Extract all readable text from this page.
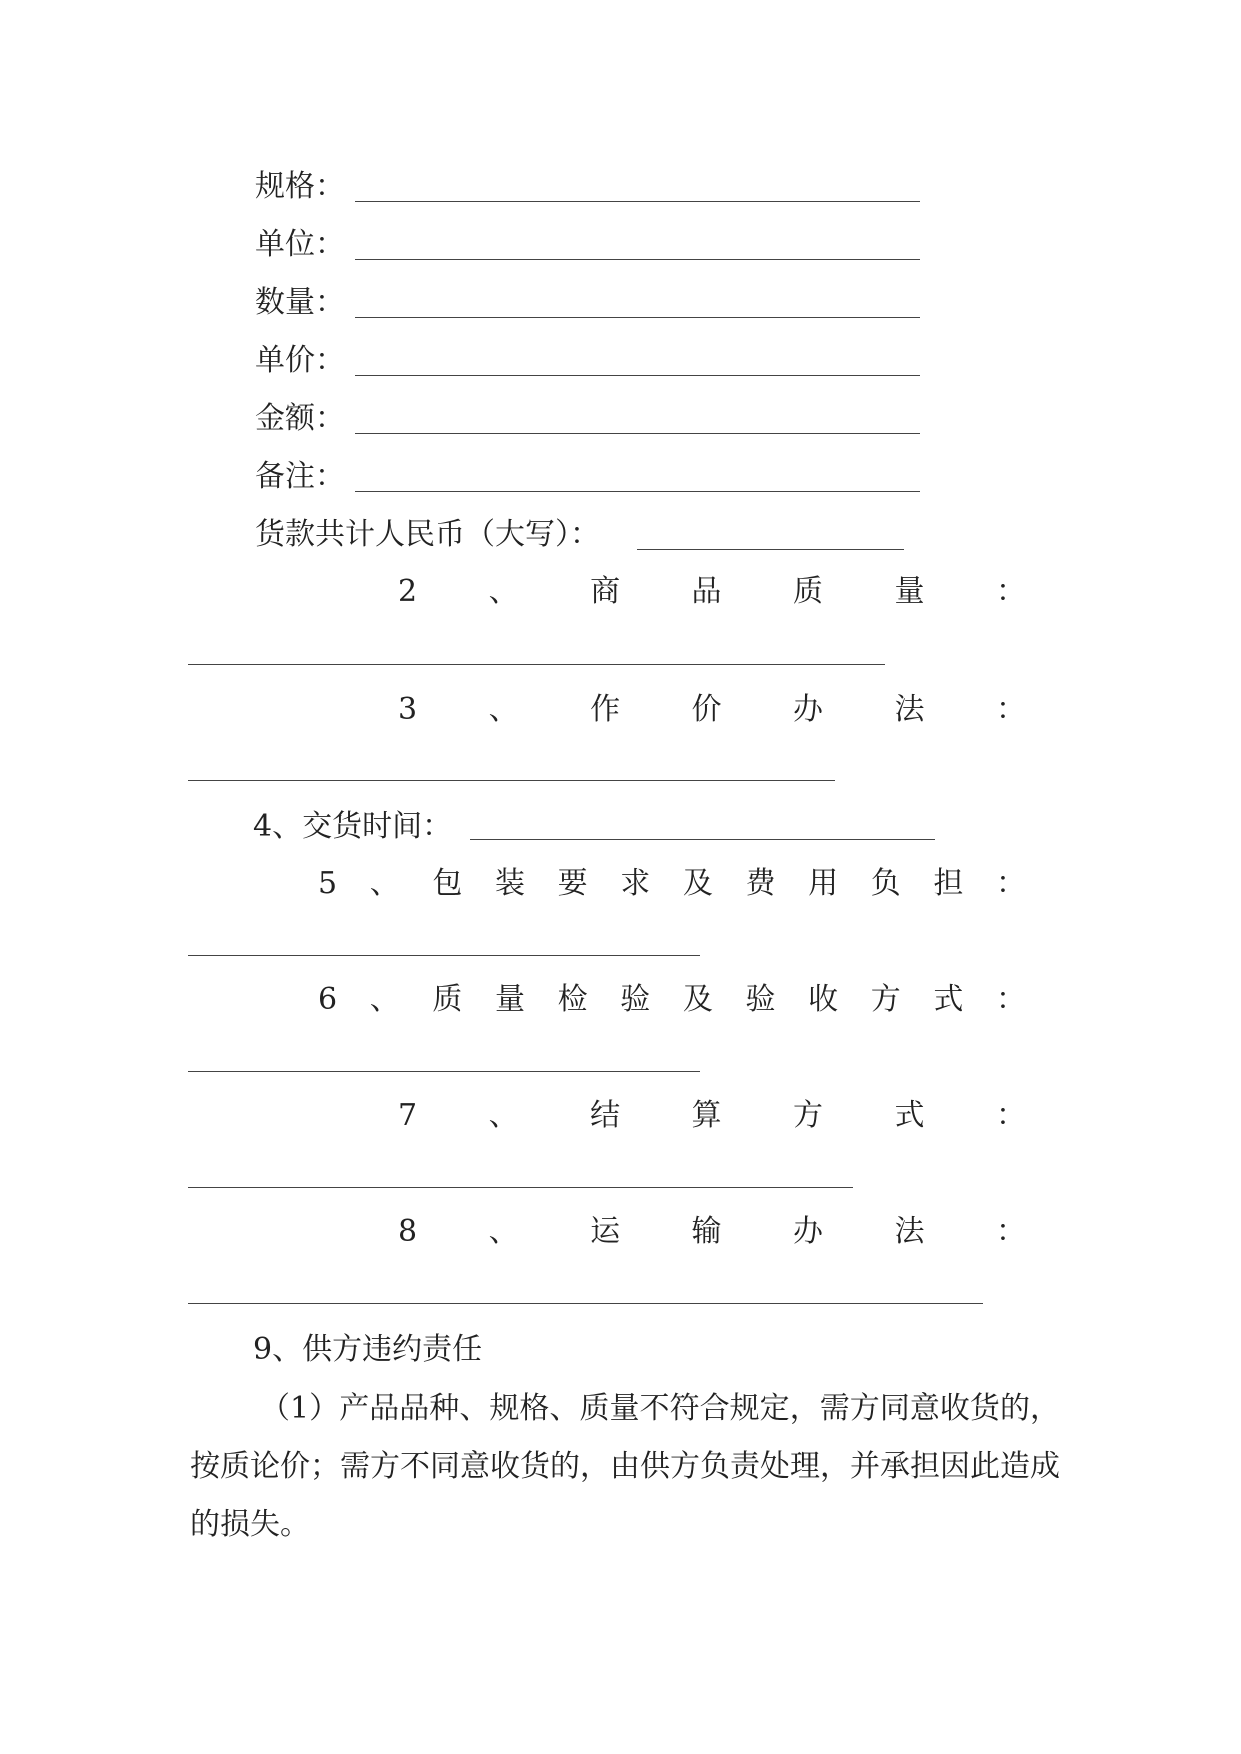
规格：
单位：
数量：
单价：
金额：
备注：
货款共计人民币（大写）：
2 、 商 品 质 量 ：
3 、 作 价 办 法 ：
4、交货时间：
5 、 包 装 要 求 及 费 用 负 担 ：
6 、 质 量 检 验 及 验 收 方 式 ：
7 、 结 算 方 式 ：
8 、 运 输 办 法 ：
9、供方违约责任
（1）产品品种、规格、质量不符合规定，需方同意收货的，按质论价；需方不同意收货的，由供方负责处理，并承担因此造成的损失。
